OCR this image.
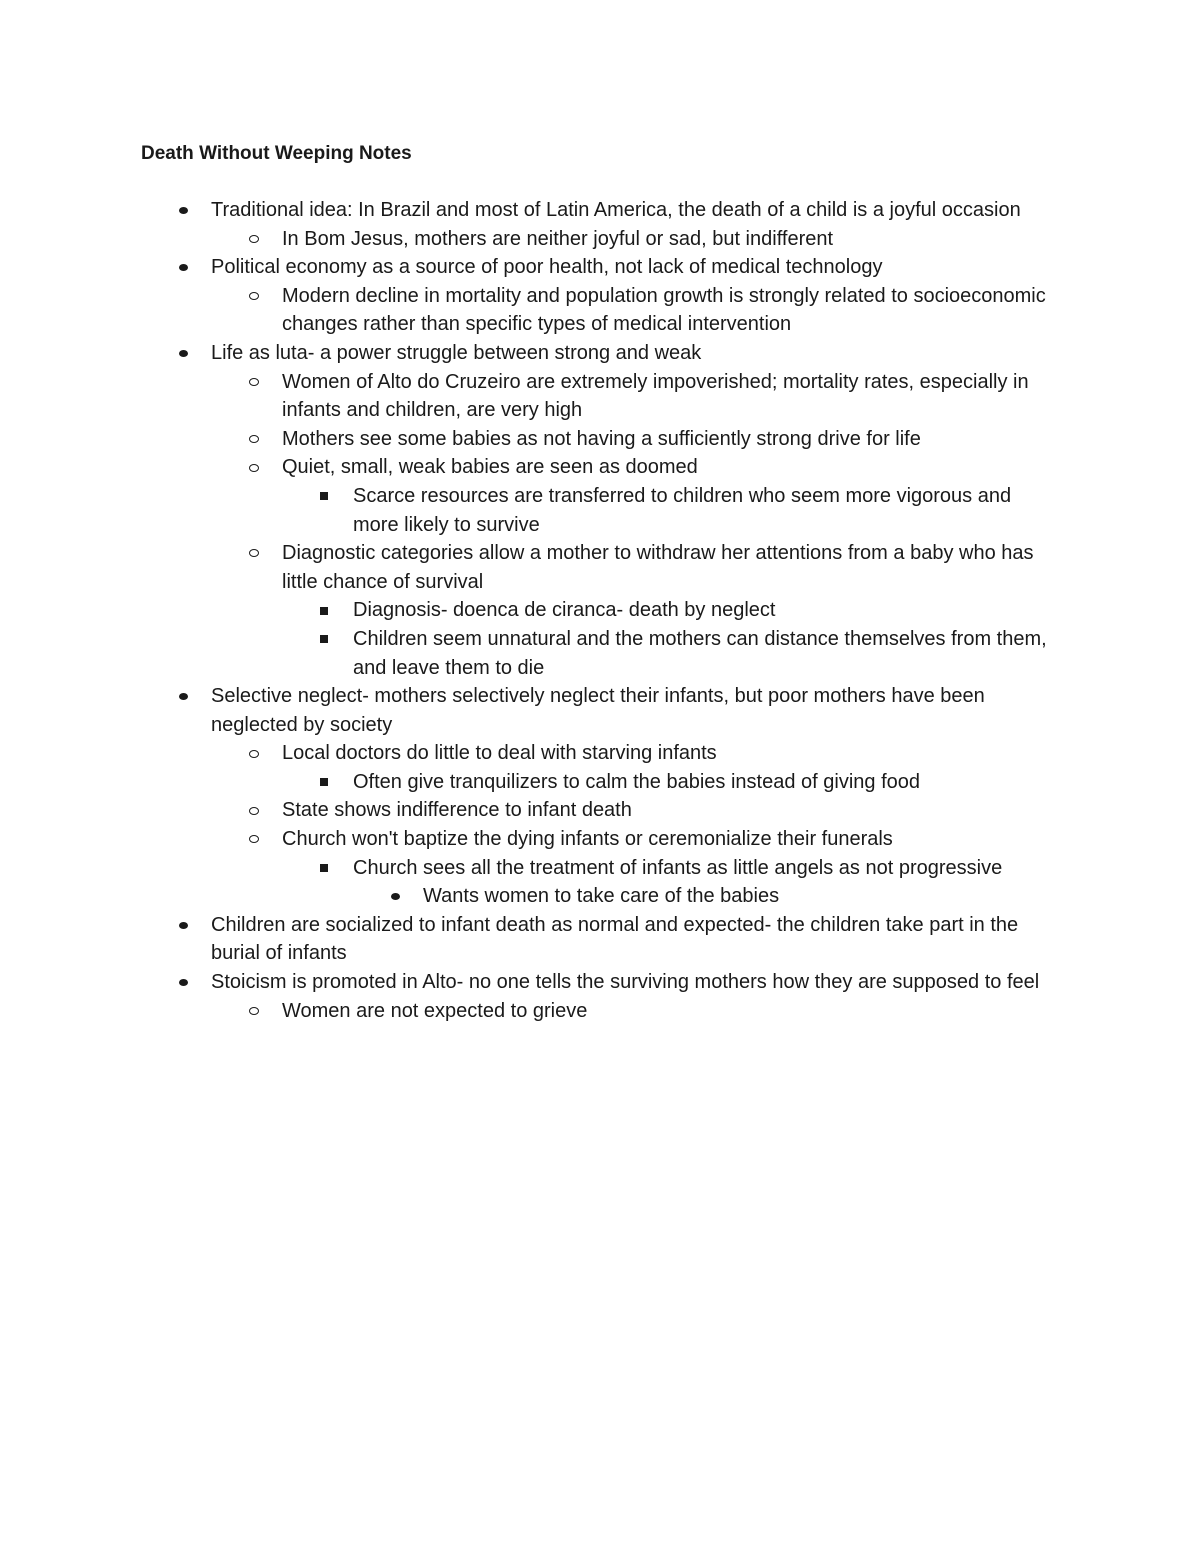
Death Without Weeping Notes
Traditional idea: In Brazil and most of Latin America, the death of a child is a joyful occasion
In Bom Jesus, mothers are neither joyful or sad, but indifferent
Political economy as a source of poor health, not lack of medical technology
Modern decline in mortality and population growth is strongly related to socioeconomic changes rather than specific types of medical intervention
Life as luta- a power struggle between strong and weak
Women of Alto do Cruzeiro are extremely impoverished; mortality rates, especially in infants and children, are very high
Mothers see some babies as not having a sufficiently strong drive for life
Quiet, small, weak babies are seen as doomed
Scarce resources are transferred to children who seem more vigorous and more likely to survive
Diagnostic categories allow a mother to withdraw her attentions from a baby who has little chance of survival
Diagnosis- doenca de ciranca- death by neglect
Children seem unnatural and the mothers can distance themselves from them, and leave them to die
Selective neglect- mothers selectively neglect their infants, but poor mothers have been neglected by society
Local doctors do little to deal with starving infants
Often give tranquilizers to calm the babies instead of giving food
State shows indifference to infant death
Church won't baptize the dying infants or ceremonialize their funerals
Church sees all the treatment of infants as little angels as not progressive
Wants women to take care of the babies
Children are socialized to infant death as normal and expected- the children take part in the burial of infants
Stoicism is promoted in Alto- no one tells the surviving mothers how they are supposed to feel
Women are not expected to grieve
